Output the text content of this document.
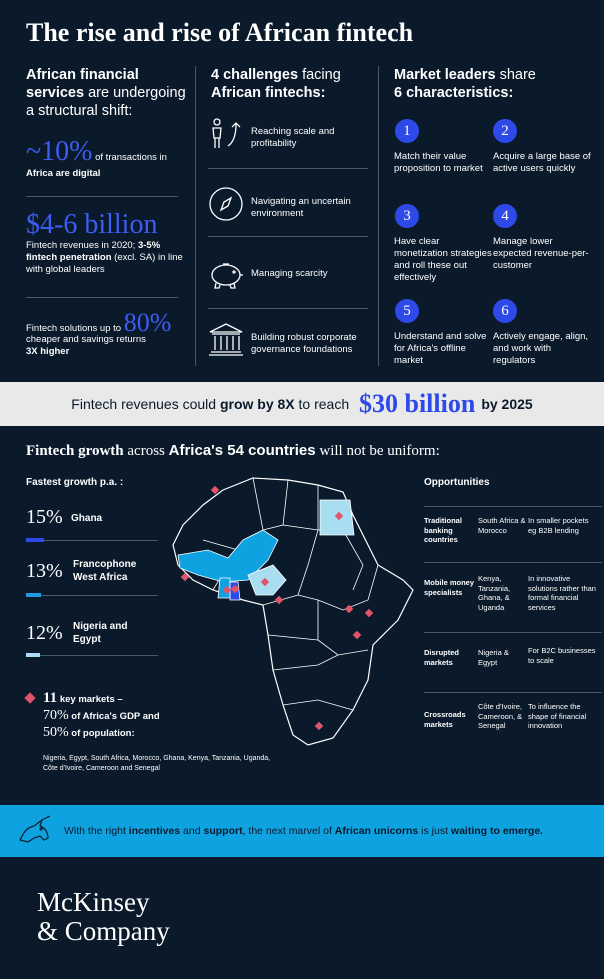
The rise and rise of African fintech
African financial services are undergoing a structural shift:
~10% of transactions in
Africa are digital
$4-6 billion
Fintech revenues in 2020; 3-5% fintech penetration (excl. SA) in line with global leaders
Fintech solutions up to 80%
cheaper and savings returns
3X higher
4 challenges facing
African fintechs:
Reaching scale and profitability
Navigating an uncertain environment
Managing scarcity
Building robust corporate governance foundations
Market leaders share
6 characteristics:
1
Match their value proposition to market
2
Acquire a large base of active users quickly
3
Have clear monetization strategies and roll these out effectively
4
Manage lower expected revenue-per-customer
5
Understand and solve for Africa's offline market
6
Actively engage, align, and work with regulators
Fintech revenues could grow by 8X to reach $30 billion by 2025
Fintech growth across Africa's 54 countries will not be uniform:
Fastest growth p.a. :
15% Ghana
13% Francophone West Africa
12% Nigeria and Egypt
11 key markets –
70% of Africa's GDP and
50% of population:
Nigeria, Egypt, South Africa, Morocco, Ghana, Kenya, Tanzania, Uganda, Côte d'Ivoire, Cameroon and Senegal
Opportunities
Traditional banking countries
South Africa & Morocco
In smaller pockets eg B2B lending
Mobile money specialists
Kenya, Tanzania, Ghana, & Uganda
In innovative solutions rather than formal financial services
Disrupted markets
Nigeria & Egypt
For B2C businesses to scale
Crossroads markets
Côte d'Ivoire, Cameroon, & Senegal
To influence the shape of financial innovation
With the right incentives and support, the next marvel of African unicorns is just waiting to emerge.
McKinsey
& Company
